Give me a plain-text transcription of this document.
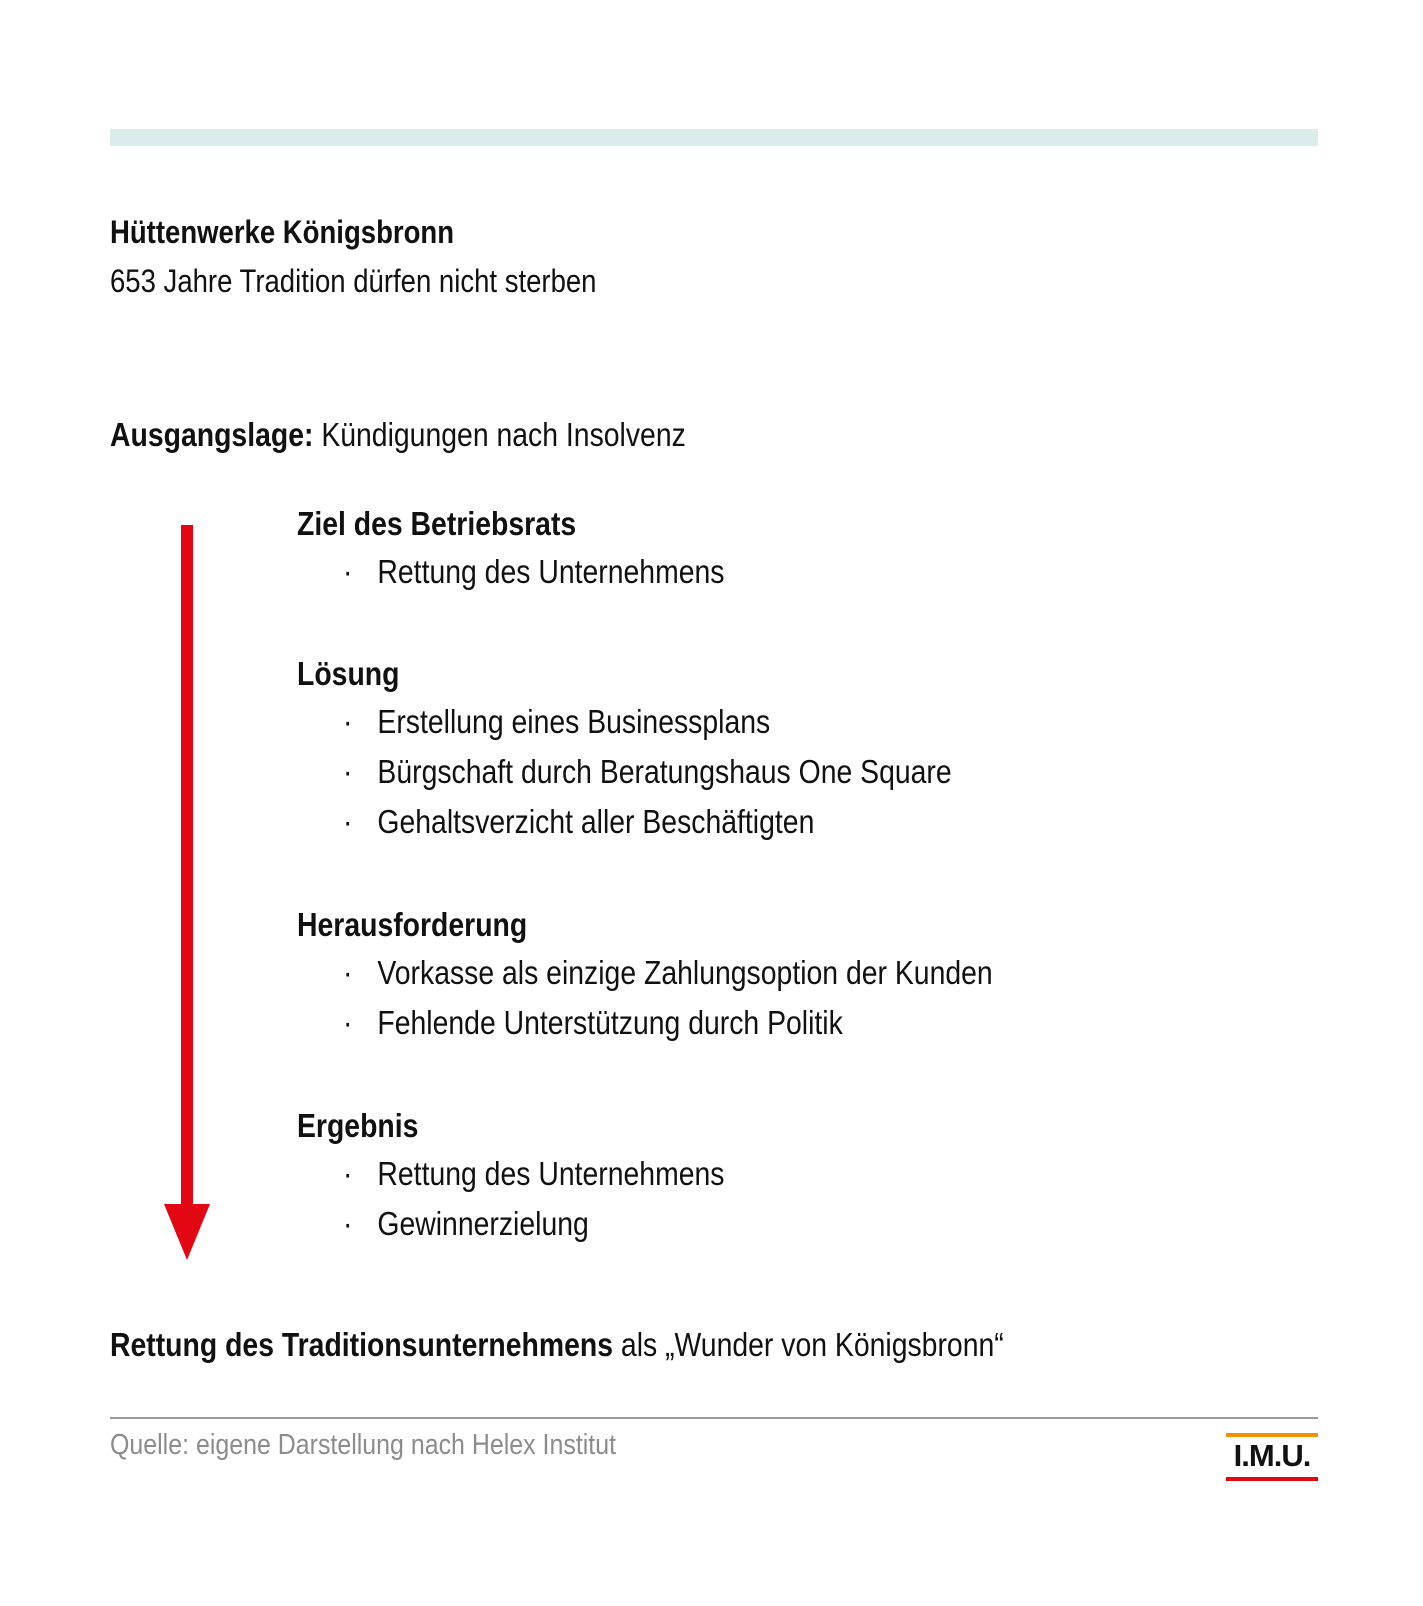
Hüttenwerke Königsbronn
653 Jahre Tradition dürfen nicht sterben
Ausgangslage: Kündigungen nach Insolvenz
Ziel des Betriebsrats
· Rettung des Unternehmens
Lösung
· Erstellung eines Businessplans
· Bürgschaft durch Beratungshaus One Square
· Gehaltsverzicht aller Beschäftigten
Herausforderung
· Vorkasse als einzige Zahlungsoption der Kunden
· Fehlende Unterstützung durch Politik
Ergebnis
· Rettung des Unternehmens
· Gewinnerzielung
Rettung des Traditionsunternehmens als „Wunder von Königsbronn“
Quelle: eigene Darstellung nach Helex Institut	I.M.U.
